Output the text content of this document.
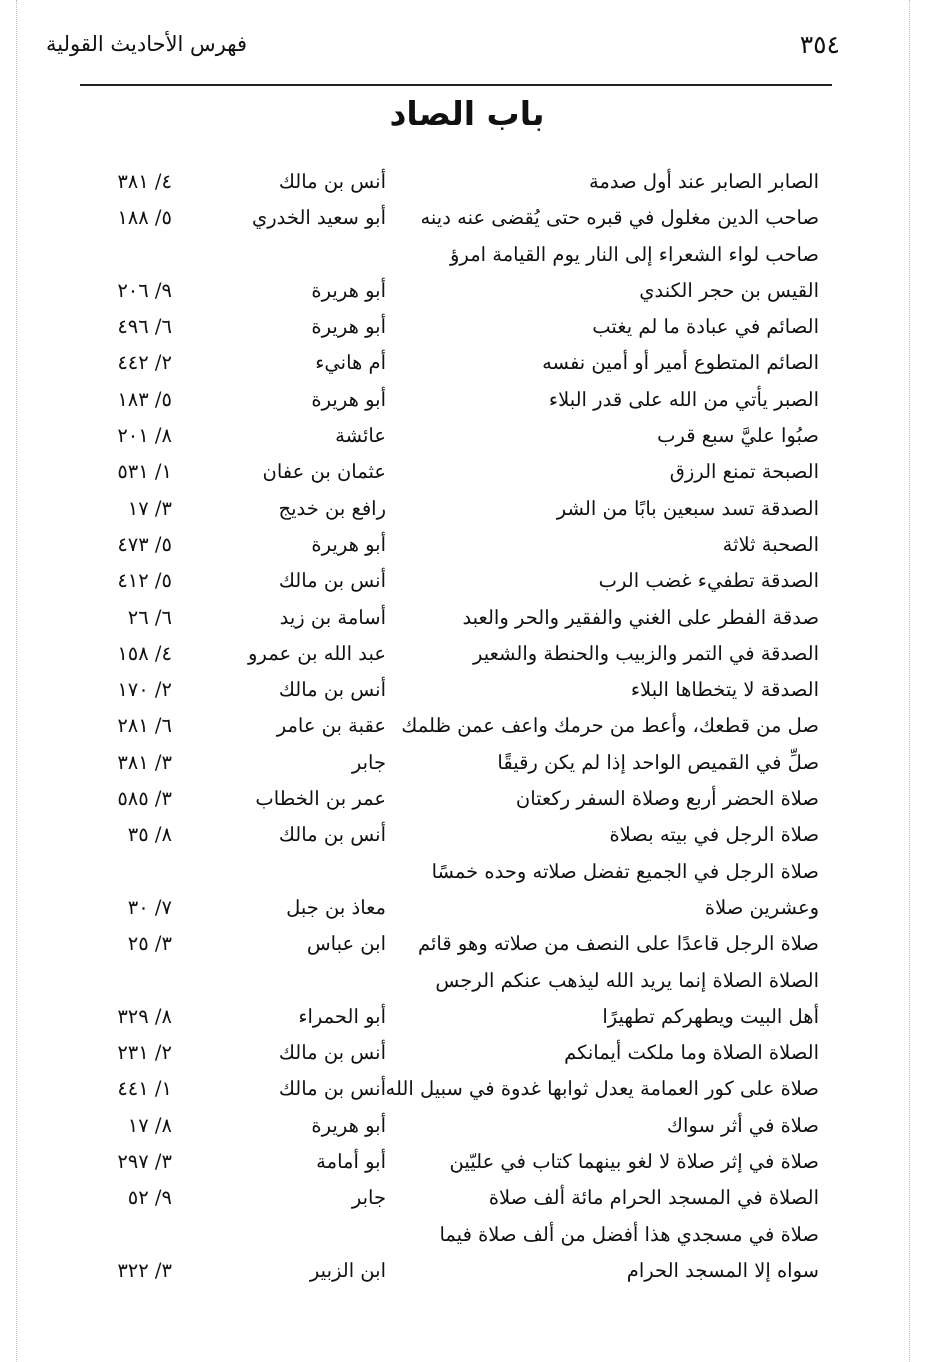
٣٥٤
فهرس الأحاديث القولية
باب الصاد
الصابر الصابر عند أول صدمة
أنس بن مالك
٤/ ٣٨١
صاحب الدين مغلول في قبره حتى يُقضى عنه دينه
أبو سعيد الخدري
٥/ ١٨٨
صاحب لواء الشعراء إلى النار يوم القيامة امرؤ
القيس بن حجر الكندي
أبو هريرة
٩/ ٢٠٦
الصائم في عبادة ما لم يغتب
أبو هريرة
٦/ ٤٩٦
الصائم المتطوع أمير أو أمين نفسه
أم هانيء
٢/ ٤٤٢
الصبر يأتي من الله على قدر البلاء
أبو هريرة
٥/ ١٨٣
صبُوا عليَّ سبع قرب
عائشة
٨/ ٢٠١
الصبحة تمنع الرزق
عثمان بن عفان
١/ ٥٣١
الصدقة تسد سبعين بابًا من الشر
رافع بن خديج
٣/ ١٧
الصحبة ثلاثة
أبو هريرة
٥/ ٤٧٣
الصدقة تطفيء غضب الرب
أنس بن مالك
٥/ ٤١٢
صدقة الفطر على الغني والفقير والحر والعبد
أسامة بن زيد
٦/ ٢٦
الصدقة في التمر والزبيب والحنطة والشعير
عبد الله بن عمرو
٤/ ١٥٨
الصدقة لا يتخطاها البلاء
أنس بن مالك
٢/ ١٧٠
صل من قطعك، وأعط من حرمك واعف عمن ظلمك
عقبة بن عامر
٦/ ٢٨١
صلِّ في القميص الواحد إذا لم يكن رقيقًا
جابر
٣/ ٣٨١
صلاة الحضر أربع وصلاة السفر ركعتان
عمر بن الخطاب
٣/ ٥٨٥
صلاة الرجل في بيته بصلاة
أنس بن مالك
٨/ ٣٥
صلاة الرجل في الجميع تفضل صلاته وحده خمسًا
وعشرين صلاة
معاذ بن جبل
٧/ ٣٠
صلاة الرجل قاعدًا على النصف من صلاته وهو قائم
ابن عباس
٣/ ٢٥
الصلاة الصلاة إنما يريد الله ليذهب عنكم الرجس
أهل البيت ويطهركم تطهيرًا
أبو الحمراء
٨/ ٣٢٩
الصلاة الصلاة وما ملكت أيمانكم
أنس بن مالك
٢/ ٢٣١
صلاة على كور العمامة يعدل ثوابها غدوة في سبيل الله
أنس بن مالك
١/ ٤٤١
صلاة في أثر سواك
أبو هريرة
٨/ ١٧
صلاة في إثر صلاة لا لغو بينهما كتاب في عليّين
أبو أمامة
٣/ ٢٩٧
الصلاة في المسجد الحرام مائة ألف صلاة
جابر
٩/ ٥٢
صلاة في مسجدي هذا أفضل من ألف صلاة فيما
سواه إلا المسجد الحرام
ابن الزبير
٣/ ٣٢٢
